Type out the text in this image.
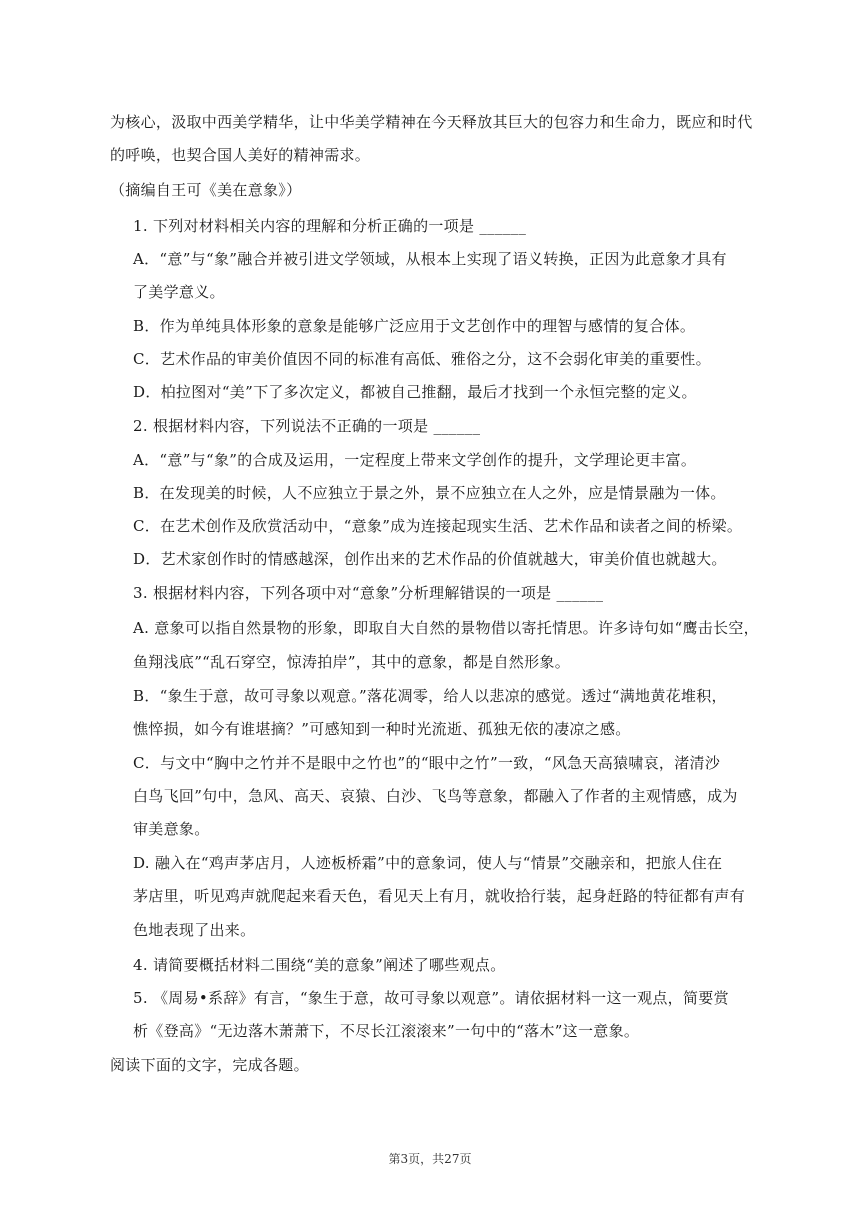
为核心，汲取中西美学精华，让中华美学精神在今天释放其巨大的包容力和生命力，既应和时代
的呼唤，也契合国人美好的精神需求。
（摘编自王可《美在意象》）
1. 下列对材料相关内容的理解和分析正确的一项是 ______
A．“意”与“象”融合并被引进文学领域，从根本上实现了语义转换，正因为此意象才具有
了美学意义。
B．作为单纯具体形象的意象是能够广泛应用于文艺创作中的理智与感情的复合体。
C．艺术作品的审美价值因不同的标准有高低、雅俗之分，这不会弱化审美的重要性。
D．柏拉图对“美”下了多次定义，都被自己推翻，最后才找到一个永恒完整的定义。
2. 根据材料内容，下列说法不正确的一项是 ______
A．“意”与“象”的合成及运用，一定程度上带来文学创作的提升，文学理论更丰富。
B．在发现美的时候，人不应独立于景之外，景不应独立在人之外，应是情景融为一体。
C．在艺术创作及欣赏活动中，“意象”成为连接起现实生活、艺术作品和读者之间的桥梁。
D．艺术家创作时的情感越深，创作出来的艺术作品的价值就越大，审美价值也就越大。
3. 根据材料内容，下列各项中对“意象”分析理解错误的一项是 ______
A. 意象可以指自然景物的形象，即取自大自然的景物借以寄托情思。许多诗句如“鹰击长空，
鱼翔浅底”“乱石穿空，惊涛拍岸”，其中的意象，都是自然形象。
B．“象生于意，故可寻象以观意。”落花凋零，给人以悲凉的感觉。透过“满地黄花堆积，
憔悴损，如今有谁堪摘？”可感知到一种时光流逝、孤独无依的凄凉之感。
C．与文中“胸中之竹并不是眼中之竹也”的“眼中之竹”一致，“风急天高猿啸哀，渚清沙
白鸟飞回”句中，急风、高天、哀猿、白沙、飞鸟等意象，都融入了作者的主观情感，成为
审美意象。
D. 融入在“鸡声茅店月，人迹板桥霜”中的意象词，使人与“情景”交融亲和，把旅人住在
茅店里，听见鸡声就爬起来看天色，看见天上有月，就收拾行装，起身赶路的特征都有声有
色地表现了出来。
4. 请简要概括材料二围绕“美的意象”阐述了哪些观点。
5. 《周易•系辞》有言，“象生于意，故可寻象以观意”。请依据材料一这一观点，简要赏
析《登高》“无边落木萧萧下，不尽长江滚滚来”一句中的“落木”这一意象。
阅读下面的文字，完成各题。
第3页，共27页
